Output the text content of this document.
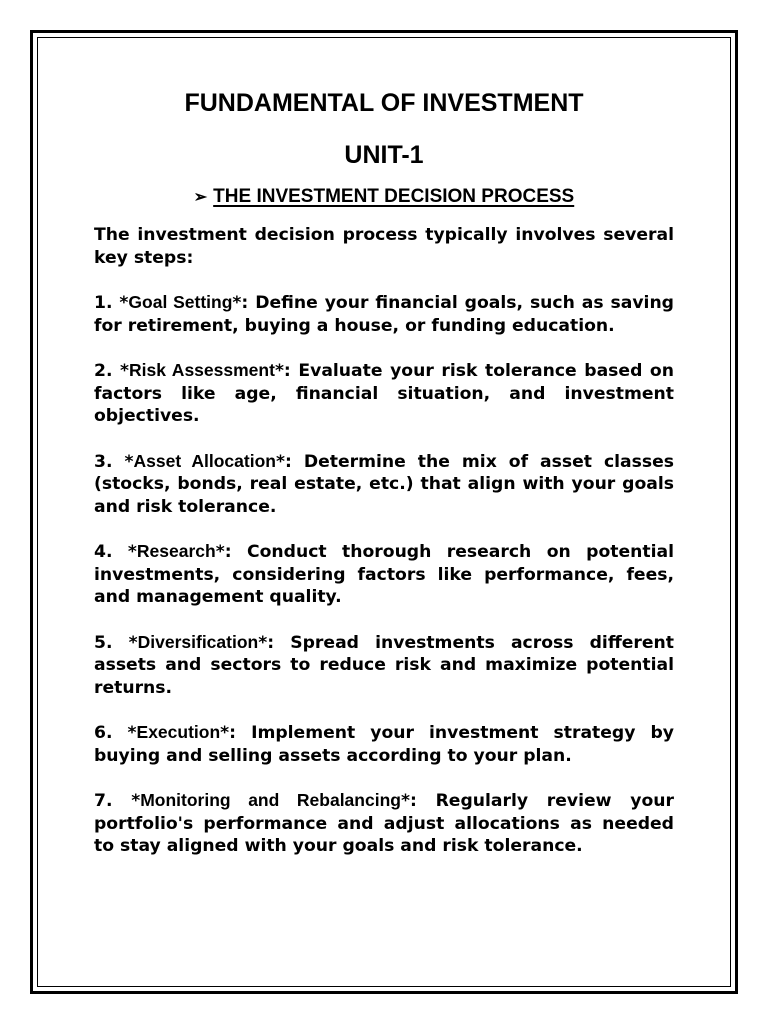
FUNDAMENTAL OF INVESTMENT
UNIT-1
➢ THE INVESTMENT DECISION PROCESS

The investment decision process typically involves several key steps:

1. *Goal Setting*: Define your financial goals, such as saving for retirement, buying a house, or funding education.

2. *Risk Assessment*: Evaluate your risk tolerance based on factors like age, financial situation, and investment objectives.

3. *Asset Allocation*: Determine the mix of asset classes (stocks, bonds, real estate, etc.) that align with your goals and risk tolerance.

4. *Research*: Conduct thorough research on potential investments, considering factors like performance, fees, and management quality.

5. *Diversification*: Spread investments across different assets and sectors to reduce risk and maximize potential returns.

6. *Execution*: Implement your investment strategy by buying and selling assets according to your plan.

7. *Monitoring and Rebalancing*: Regularly review your portfolio's performance and adjust allocations as needed to stay aligned with your goals and risk tolerance.
